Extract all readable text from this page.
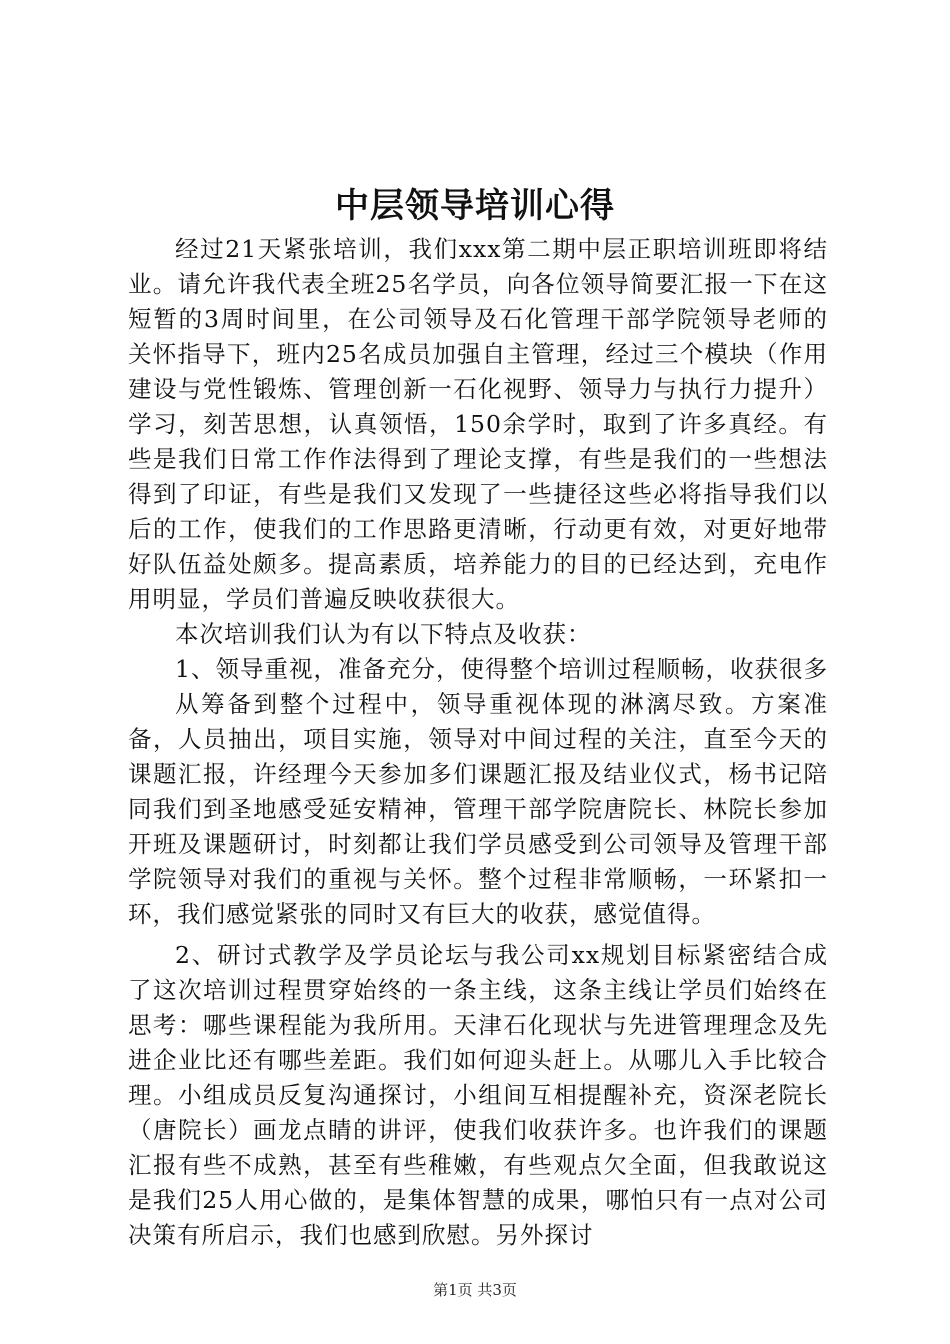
中层领导培训心得

经过21天紧张培训，我们xxx第二期中层正职培训班即将结业。请允许我代表全班25名学员，向各位领导简要汇报一下在这短暂的3周时间里，在公司领导及石化管理干部学院领导老师的关怀指导下，班内25名成员加强自主管理，经过三个模块（作用建设与党性锻炼、管理创新一石化视野、领导力与执行力提升）学习，刻苦思想，认真领悟，150余学时，取到了许多真经。有些是我们日常工作作法得到了理论支撑，有些是我们的一些想法得到了印证，有些是我们又发现了一些捷径这些必将指导我们以后的工作，使我们的工作思路更清晰，行动更有效，对更好地带好队伍益处颇多。提高素质，培养能力的目的已经达到，充电作用明显，学员们普遍反映收获很大。

本次培训我们认为有以下特点及收获：

1、领导重视，准备充分，使得整个培训过程顺畅，收获很多

从筹备到整个过程中，领导重视体现的淋漓尽致。方案准备，人员抽出，项目实施，领导对中间过程的关注，直至今天的课题汇报，许经理今天参加多们课题汇报及结业仪式，杨书记陪同我们到圣地感受延安精神，管理干部学院唐院长、林院长参加开班及课题研讨，时刻都让我们学员感受到公司领导及管理干部学院领导对我们的重视与关怀。整个过程非常顺畅，一环紧扣一环，我们感觉紧张的同时又有巨大的收获，感觉值得。

2、研讨式教学及学员论坛与我公司xx规划目标紧密结合成了这次培训过程贯穿始终的一条主线，这条主线让学员们始终在思考：哪些课程能为我所用。天津石化现状与先进管理理念及先进企业比还有哪些差距。我们如何迎头赶上。从哪儿入手比较合理。小组成员反复沟通探讨，小组间互相提醒补充，资深老院长（唐院长）画龙点睛的讲评，使我们收获许多。也许我们的课题汇报有些不成熟，甚至有些稚嫩，有些观点欠全面，但我敢说这是我们25人用心做的，是集体智慧的成果，哪怕只有一点对公司决策有所启示，我们也感到欣慰。另外探讨

第1页 共3页
